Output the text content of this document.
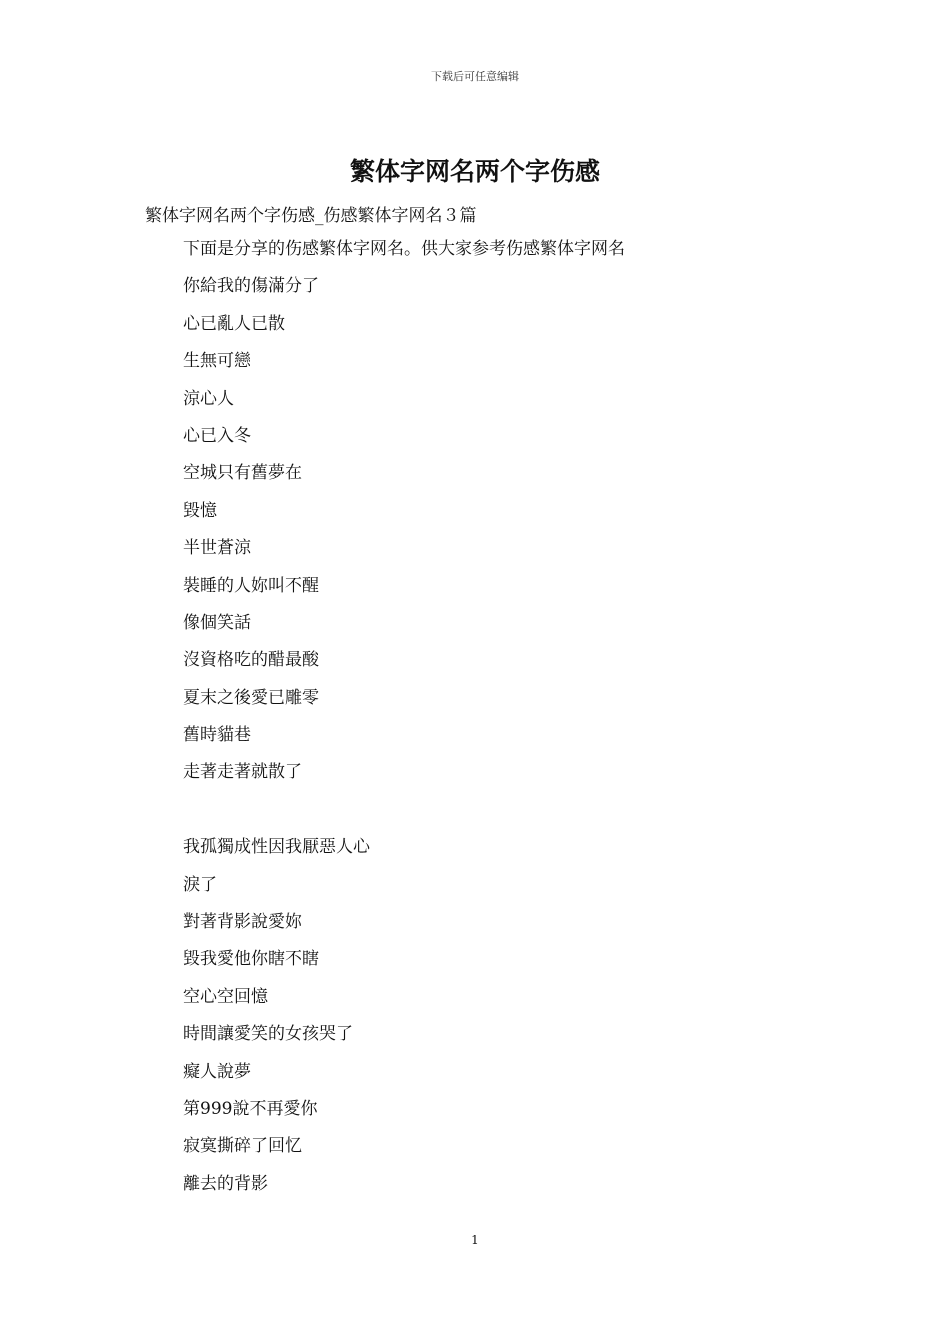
下载后可任意编辑
繁体字网名两个字伤感
繁体字网名两个字伤感_伤感繁体字网名３篇
下面是分享的伤感繁体字网名。供大家参考伤感繁体字网名
你給我的傷滿分了
心已亂人已散
生無可戀
涼心人
心已入冬
空城只有舊夢在
毀憶
半世蒼涼
裝睡的人妳叫不醒
像個笑話
沒資格吃的醋最酸
夏末之後愛已雕零
舊時貓巷
走著走著就散了
我孤獨成性因我厭惡人心
淚了
對著背影說愛妳
毀我愛他你瞎不瞎
空心空回憶
時間讓愛笑的女孩哭了
癡人說夢
第999說不再愛你
寂寞撕碎了回忆
離去的背影
1
